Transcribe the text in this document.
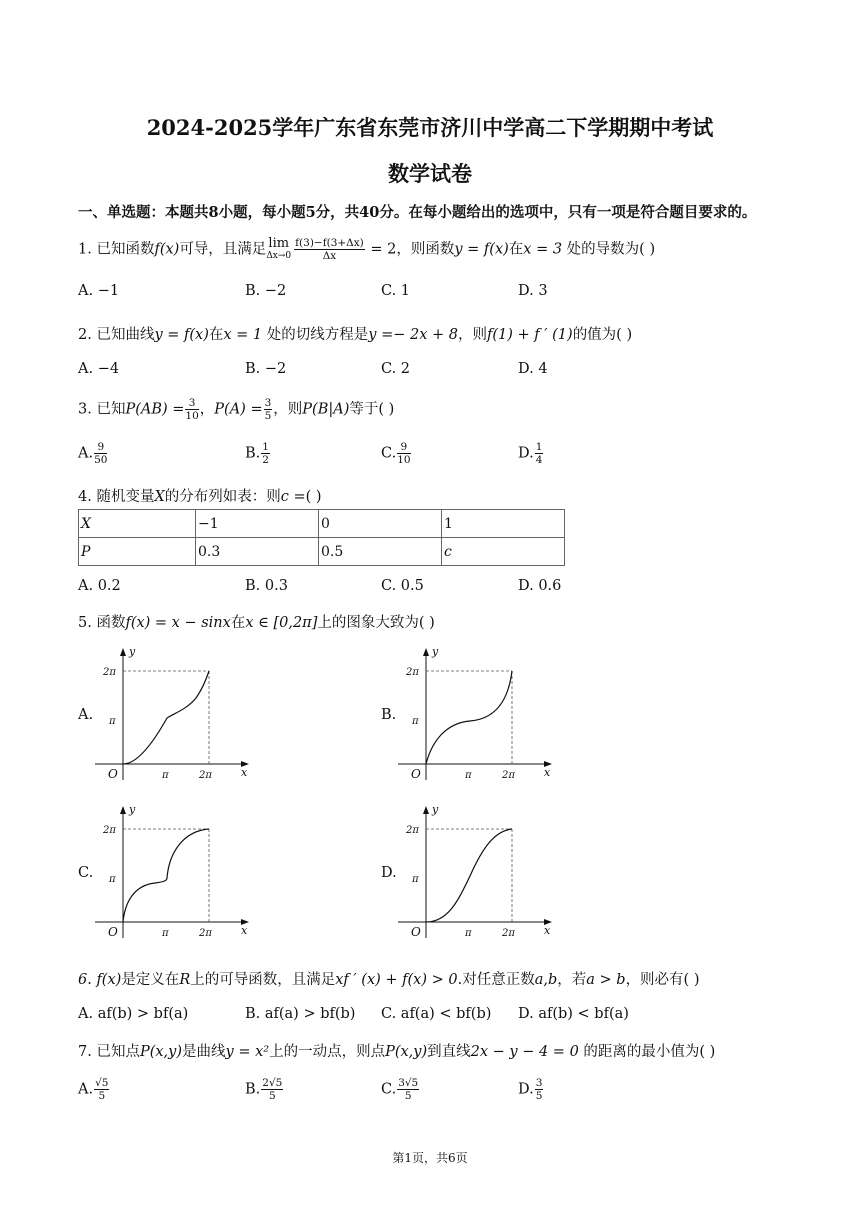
2024-2025学年广东省东莞市济川中学高二下学期期中考试
数学试卷
一、单选题：本题共8小题，每小题5分，共40分。在每小题给出的选项中，只有一项是符合题目要求的。
1. 已知函数f(x)可导，且满足 lim
$\Delta x\to 0 \frac{f(3)-f(3+\Delta x)}{\Delta x} = 2$，则函数y = f(x)在x = 3 处的导数为( )
A. −1	B. −2	C. 1	D. 3
2. 已知曲线y = f(x)在x = 1 处的切线方程是y =− 2x + 8，则f(1) + f ′ (1)的值为( )
A. −4	B. −2	C. 2	D. 4
3. 已知$P(AB) = \frac{3}{10}$ ，$P(A) = \frac{3}{5}$ ，则P(B|A)等于( )
A. $\frac{9}{50}$	B. $\frac{1}{2}$	C. $\frac{9}{10}$	D. $\frac{1}{4}$
4. 随机变量X的分布列如表：则c =( )
X	−1	0	1
P	0.3	0.5	c
A. 0.2	B. 0.3	C. 0.5	D. 0.6
5. 函数f(x) = x − sinx在x ∈ [0,2π]上的图象大致为( )
A.	B.
C.	D.
y
x
O	π	2π
π
2π
y
x
O	π	2π
π
2π
y
x
O	π	2π
π
2π
y
x
O	π	2π
π
2π
6. f(x)是定义在R上的可导函数，且满足xf ′ (x) + f(x) > 0.对任意正数a,b，若a > b，则必有( )
A. af(b) > bf(a)	B. af(a) > bf(b) C. af(a) < bf(b) D. af(b) < bf(a)
7. 已知点P(x,y)是曲线y = x²上的一动点，则点P(x,y)到直线2x − y − 4 = 0 的距离的最小值为( )
A. $\frac{√5}{5}$	B. $\frac{2√5}{5}$	C. $\frac{3√5}{5}$	D. $\frac{3}{5}$
第1页，共6页
